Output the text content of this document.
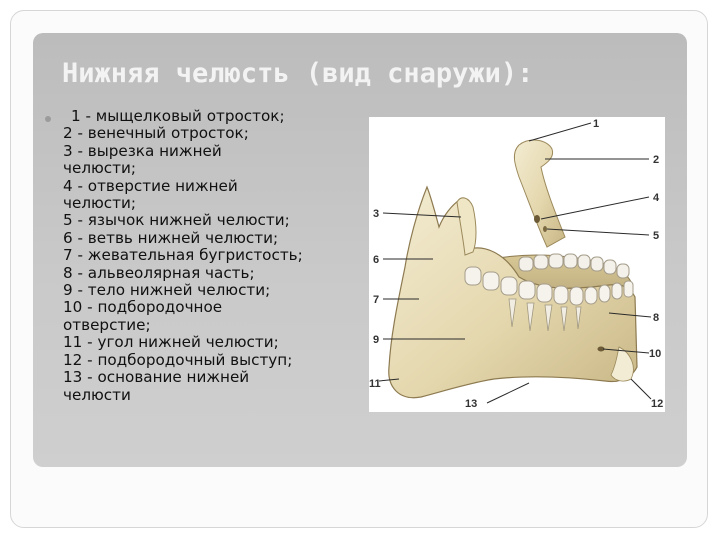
Нижняя челюсть (вид снаружи):
1 - мыщелковый отросток;
2 - венечный отросток;
3 - вырезка нижней
челюсти;
4 - отверстие нижней
челюсти;
5 - язычок нижней челюсти;
6 - ветвь нижней челюсти;
7 - жевательная бугристость;
8 - альвеолярная часть;
9 - тело нижней челюсти;
10 - подбородочное
отверстие;
11 - угол нижней челюсти;
12 - подбородочный выступ;
13 - основание нижней
челюсти
1
2
3
4
5
6
7
8
9
10
11
12
13
